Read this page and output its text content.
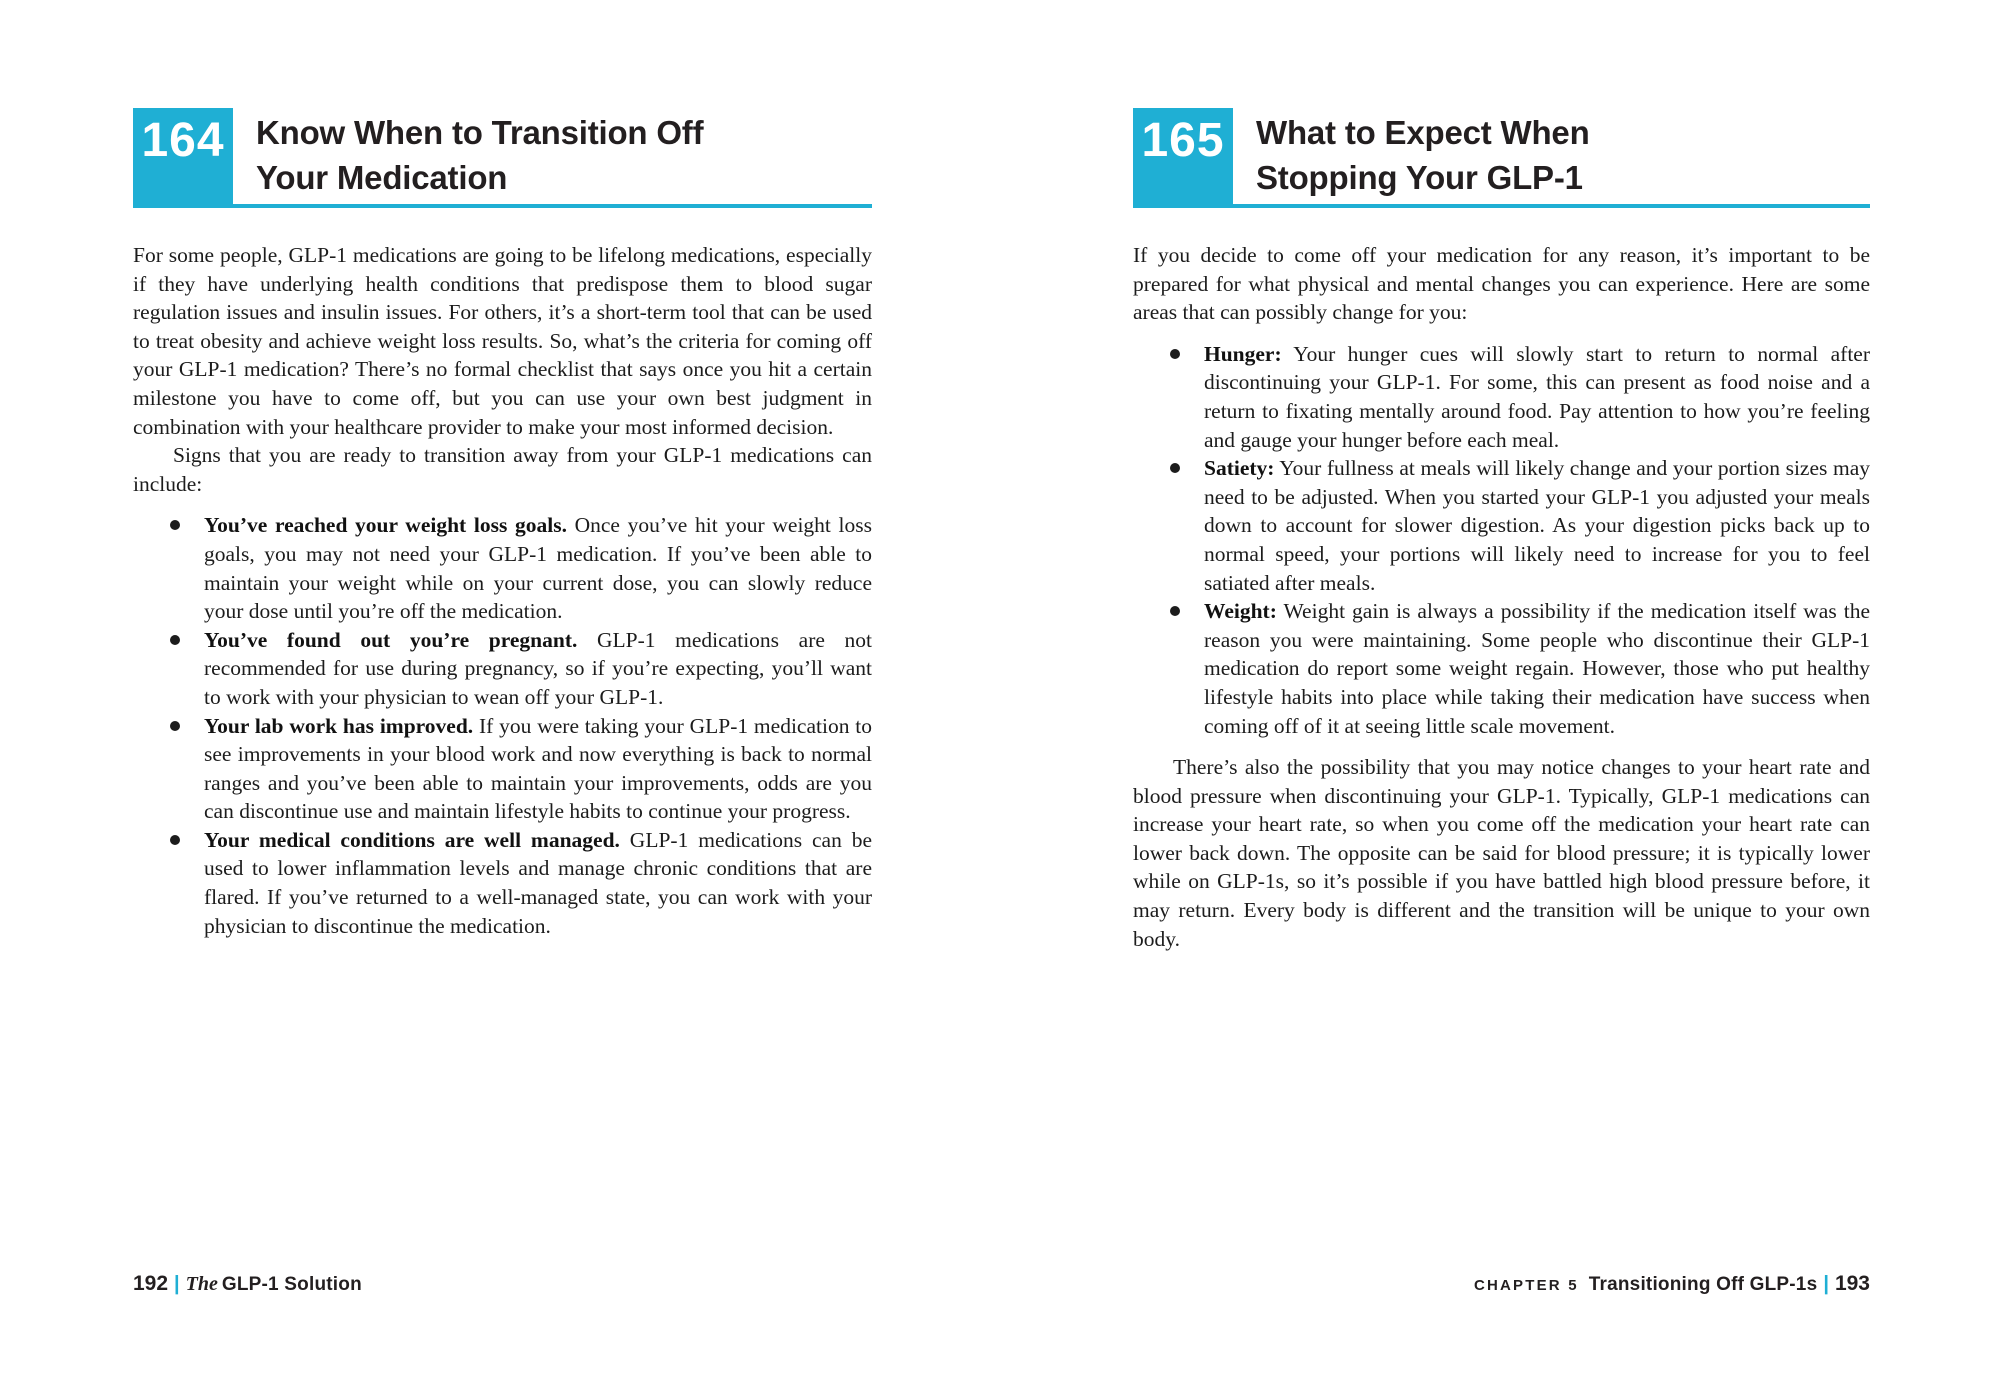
164 Know When to Transition Off
Your Medication

For some people, GLP-1 medications are going to be lifelong medications, especially if they have underlying health conditions that predispose them to blood sugar regulation issues and insulin issues. For others, it’s a short-term tool that can be used to treat obesity and achieve weight loss results. So, what’s the criteria for coming off your GLP-1 medication? There’s no formal checklist that says once you hit a certain milestone you have to come off, but you can use your own best judgment in combination with your healthcare provider to make your most informed decision.

Signs that you are ready to transition away from your GLP-1 medications can include:

You’ve reached your weight loss goals. Once you’ve hit your weight loss goals, you may not need your GLP-1 medication. If you’ve been able to maintain your weight while on your current dose, you can slowly reduce your dose until you’re off the medication.
You’ve found out you’re pregnant. GLP-1 medications are not recommended for use during pregnancy, so if you’re expecting, you’ll want to work with your physician to wean off your GLP-1.
Your lab work has improved. If you were taking your GLP-1 medication to see improvements in your blood work and now everything is back to normal ranges and you’ve been able to maintain your improvements, odds are you can discontinue use and maintain lifestyle habits to continue your progress.
Your medical conditions are well managed. GLP-1 medications can be used to lower inflammation levels and manage chronic conditions that are flared. If you’ve returned to a well-managed state, you can work with your physician to discontinue the medication.
165 What to Expect When
Stopping Your GLP-1

If you decide to come off your medication for any reason, it’s important to be prepared for what physical and mental changes you can experience. Here are some areas that can possibly change for you:

Hunger: Your hunger cues will slowly start to return to normal after discontinuing your GLP-1. For some, this can present as food noise and a return to fixating mentally around food. Pay attention to how you’re feeling and gauge your hunger before each meal.
Satiety: Your fullness at meals will likely change and your portion sizes may need to be adjusted. When you started your GLP-1 you adjusted your meals down to account for slower digestion. As your digestion picks back up to normal speed, your portions will likely need to increase for you to feel satiated after meals.
Weight: Weight gain is always a possibility if the medication itself was the reason you were maintaining. Some people who discontinue their GLP-1 medication do report some weight regain. However, those who put healthy lifestyle habits into place while taking their medication have success when coming off of it at seeing little scale movement.

There’s also the possibility that you may notice changes to your heart rate and blood pressure when discontinuing your GLP-1. Typically, GLP-1 medications can increase your heart rate, so when you come off the medication your heart rate can lower back down. The opposite can be said for blood pressure; it is typically lower while on GLP-1s, so it’s possible if you have battled high blood pressure before, it may return. Every body is different and the transition will be unique to your own body.

192 | The GLP-1 Solution	CHAPTER 5 Transitioning Off GLP-1s | 193
